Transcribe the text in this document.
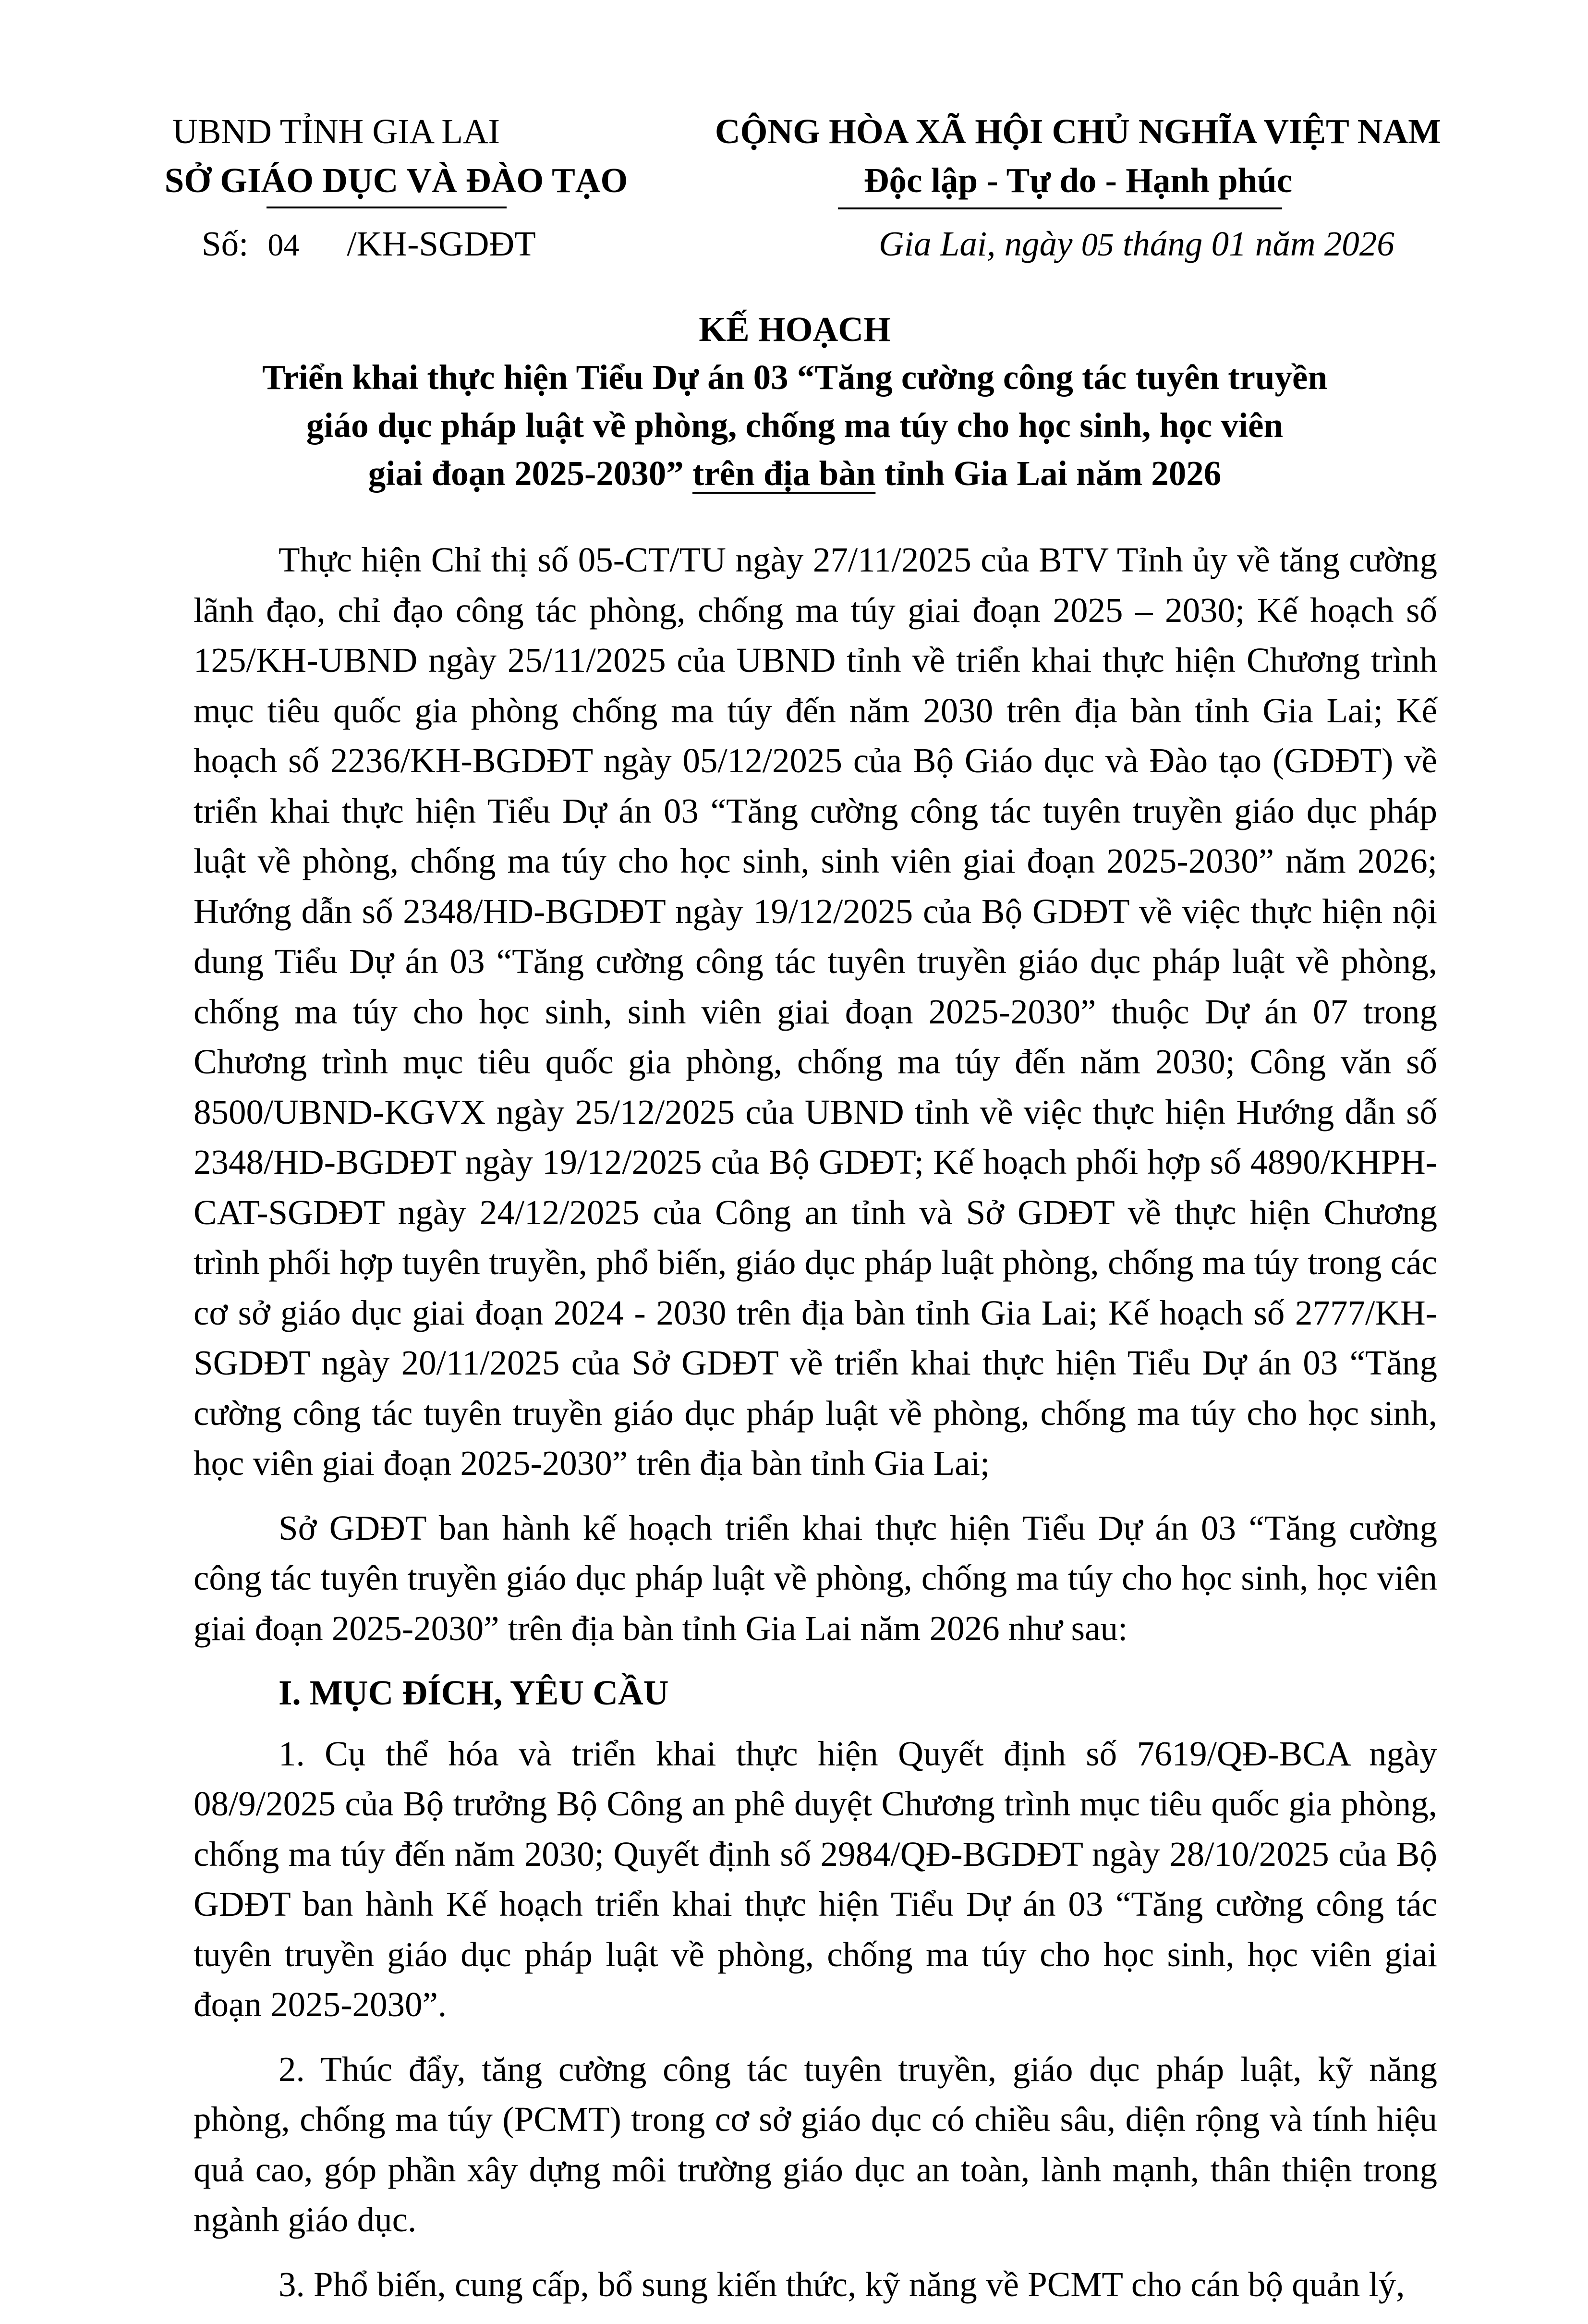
UBND TỈNH GIA LAI
SỞ GIÁO DỤC VÀ ĐÀO TẠO
CỘNG HÒA XÃ HỘI CHỦ NGHĨA VIỆT NAM
Độc lập - Tự do - Hạnh phúc
Số: 04 /KH-SGDĐT	Gia Lai, ngày 05 tháng 01 năm 2026
KẾ HOẠCH
Triển khai thực hiện Tiểu Dự án 03 “Tăng cường công tác tuyên truyền
giáo dục pháp luật về phòng, chống ma túy cho học sinh, học viên
giai đoạn 2025-2030” trên địa bàn tỉnh Gia Lai năm 2026

Thực hiện Chỉ thị số 05-CT/TU ngày 27/11/2025 của BTV Tỉnh ủy về tăng cường lãnh đạo, chỉ đạo công tác phòng, chống ma túy giai đoạn 2025 – 2030; Kế hoạch số 125/KH-UBND ngày 25/11/2025 của UBND tỉnh về triển khai thực hiện Chương trình mục tiêu quốc gia phòng chống ma túy đến năm 2030 trên địa bàn tỉnh Gia Lai; Kế hoạch số 2236/KH-BGDĐT ngày 05/12/2025 của Bộ Giáo dục và Đào tạo (GDĐT) về triển khai thực hiện Tiểu Dự án 03 “Tăng cường công tác tuyên truyền giáo dục pháp luật về phòng, chống ma túy cho học sinh, sinh viên giai đoạn 2025-2030” năm 2026; Hướng dẫn số 2348/HD-BGDĐT ngày 19/12/2025 của Bộ GDĐT về việc thực hiện nội dung Tiểu Dự án 03 “Tăng cường công tác tuyên truyền giáo dục pháp luật về phòng, chống ma túy cho học sinh, sinh viên giai đoạn 2025-2030” thuộc Dự án 07 trong Chương trình mục tiêu quốc gia phòng, chống ma túy đến năm 2030; Công văn số 8500/UBND-KGVX ngày 25/12/2025 của UBND tỉnh về việc thực hiện Hướng dẫn số 2348/HD-BGDĐT ngày 19/12/2025 của Bộ GDĐT; Kế hoạch phối hợp số 4890/KHPH-CAT-SGDĐT ngày 24/12/2025 của Công an tỉnh và Sở GDĐT về thực hiện Chương trình phối hợp tuyên truyền, phổ biến, giáo dục pháp luật phòng, chống ma túy trong các cơ sở giáo dục giai đoạn 2024 - 2030 trên địa bàn tỉnh Gia Lai; Kế hoạch số 2777/KH-SGDĐT ngày 20/11/2025 của Sở GDĐT về triển khai thực hiện Tiểu Dự án 03 “Tăng cường công tác tuyên truyền giáo dục pháp luật về phòng, chống ma túy cho học sinh, học viên giai đoạn 2025-2030” trên địa bàn tỉnh Gia Lai;

Sở GDĐT ban hành kế hoạch triển khai thực hiện Tiểu Dự án 03 “Tăng cường công tác tuyên truyền giáo dục pháp luật về phòng, chống ma túy cho học sinh, học viên giai đoạn 2025-2030” trên địa bàn tỉnh Gia Lai năm 2026 như sau:

I. MỤC ĐÍCH, YÊU CẦU

1. Cụ thể hóa và triển khai thực hiện Quyết định số 7619/QĐ-BCA ngày 08/9/2025 của Bộ trưởng Bộ Công an phê duyệt Chương trình mục tiêu quốc gia phòng, chống ma túy đến năm 2030; Quyết định số 2984/QĐ-BGDĐT ngày 28/10/2025 của Bộ GDĐT ban hành Kế hoạch triển khai thực hiện Tiểu Dự án 03 “Tăng cường công tác tuyên truyền giáo dục pháp luật về phòng, chống ma túy cho học sinh, học viên giai đoạn 2025-2030”.

2. Thúc đẩy, tăng cường công tác tuyên truyền, giáo dục pháp luật, kỹ năng phòng, chống ma túy (PCMT) trong cơ sở giáo dục có chiều sâu, diện rộng và tính hiệu quả cao, góp phần xây dựng môi trường giáo dục an toàn, lành mạnh, thân thiện trong ngành giáo dục.

3. Phổ biến, cung cấp, bổ sung kiến thức, kỹ năng về PCMT cho cán bộ quản lý,
